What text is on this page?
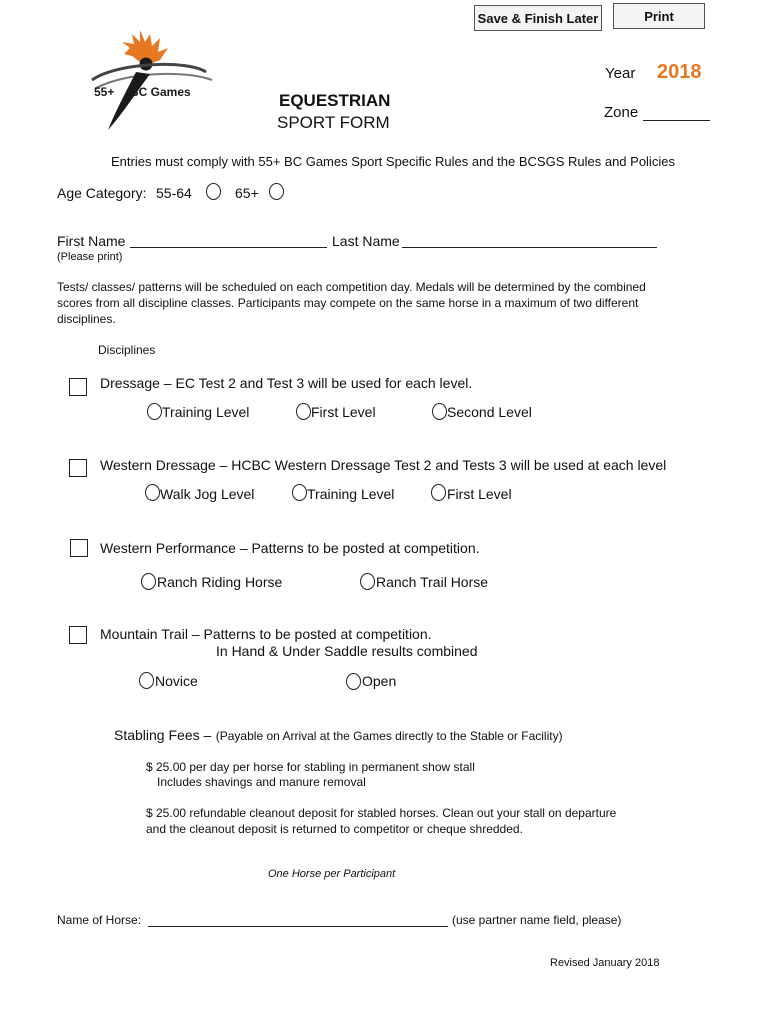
Save & Finish Later	Print
55+ BC Games	EQUESTRIAN
SPORT FORM
Year 2018
Zone
Entries must comply with 55+ BC Games Sport Specific Rules and the BCSGS Rules and Policies
Age Category: 55-64	65+
First Name	Last Name
(Please print)
Tests/ classes/ patterns will be scheduled on each competition day. Medals will be determined by the combined
scores from all discipline classes. Participants may compete on the same horse in a maximum of two different
disciplines.
Disciplines
Dressage – EC Test 2 and Test 3 will be used for each level.
Training Level	First Level	Second Level
Western Dressage – HCBC Western Dressage Test 2 and Tests 3 will be used at each level
Walk Jog Level	Training Level	First Level
Western Performance – Patterns to be posted at competition.
Ranch Riding Horse	Ranch Trail Horse
Mountain Trail – Patterns to be posted at competition.
In Hand & Under Saddle results combined
Novice	Open
Stabling Fees – (Payable on Arrival at the Games directly to the Stable or Facility)
$ 25.00 per day per horse for stabling in permanent show stall
Includes shavings and manure removal
$ 25.00 refundable cleanout deposit for stabled horses. Clean out your stall on departure
and the cleanout deposit is returned to competitor or cheque shredded.
One Horse per Participant
Name of Horse:	(use partner name field, please)
Revised January 2018
